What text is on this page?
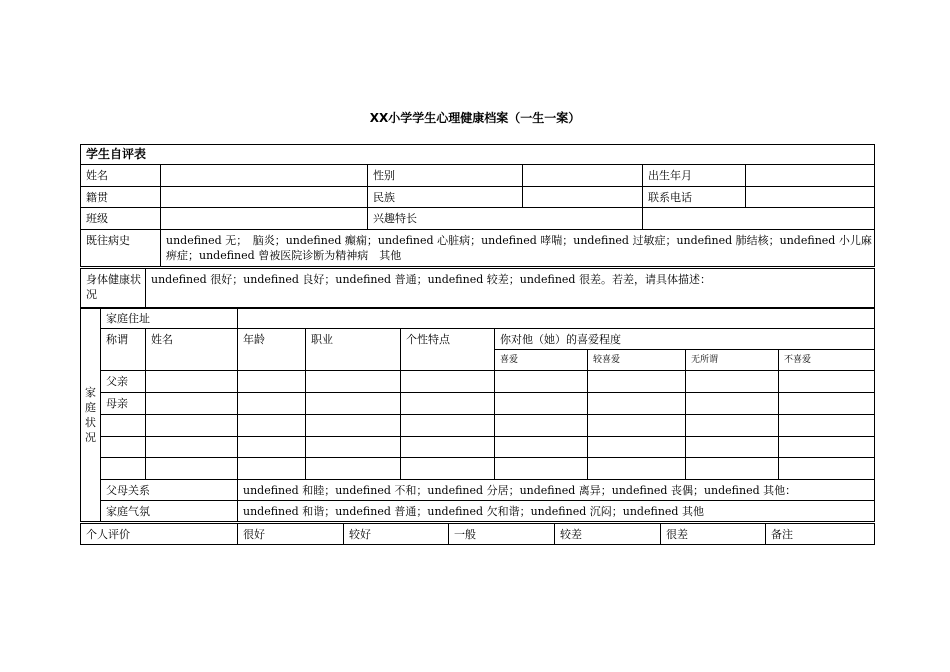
XX小学学生心理健康档案（一生一案）
学生自评表					
姓名		性别		出生年月	
籍贯		民族		联系电话	
班级		兴趣特长			
既往病史	undefined 无；　脑炎；undefined 癫痫；undefined 心脏病；undefined 哮喘；undefined 过敏症；undefined 肺结核；undefined 小儿麻痹症；undefined 曾被医院诊断为精神病　其他				
身体健康状况	undefined 很好；undefined 良好；undefined 普通；undefined 较差；undefined 很差。若差，请具体描述：
家庭状况	家庭住址								
	称谓	姓名	年龄	职业	个性特点	你对他（她）的喜爱程度			
						喜爱	较喜爱	无所谓	不喜爱
	父亲								
	母亲								

	父母关系		undefined 和睦；undefined 不和；undefined 分居；undefined 离异；undefined 丧偶；undefined 其他：						
	家庭气氛		undefined 和谐；undefined 普通；undefined 欠和谐；undefined 沉闷；undefined 其他						
个人评价	很好	较好	一般	较差	很差	备注
